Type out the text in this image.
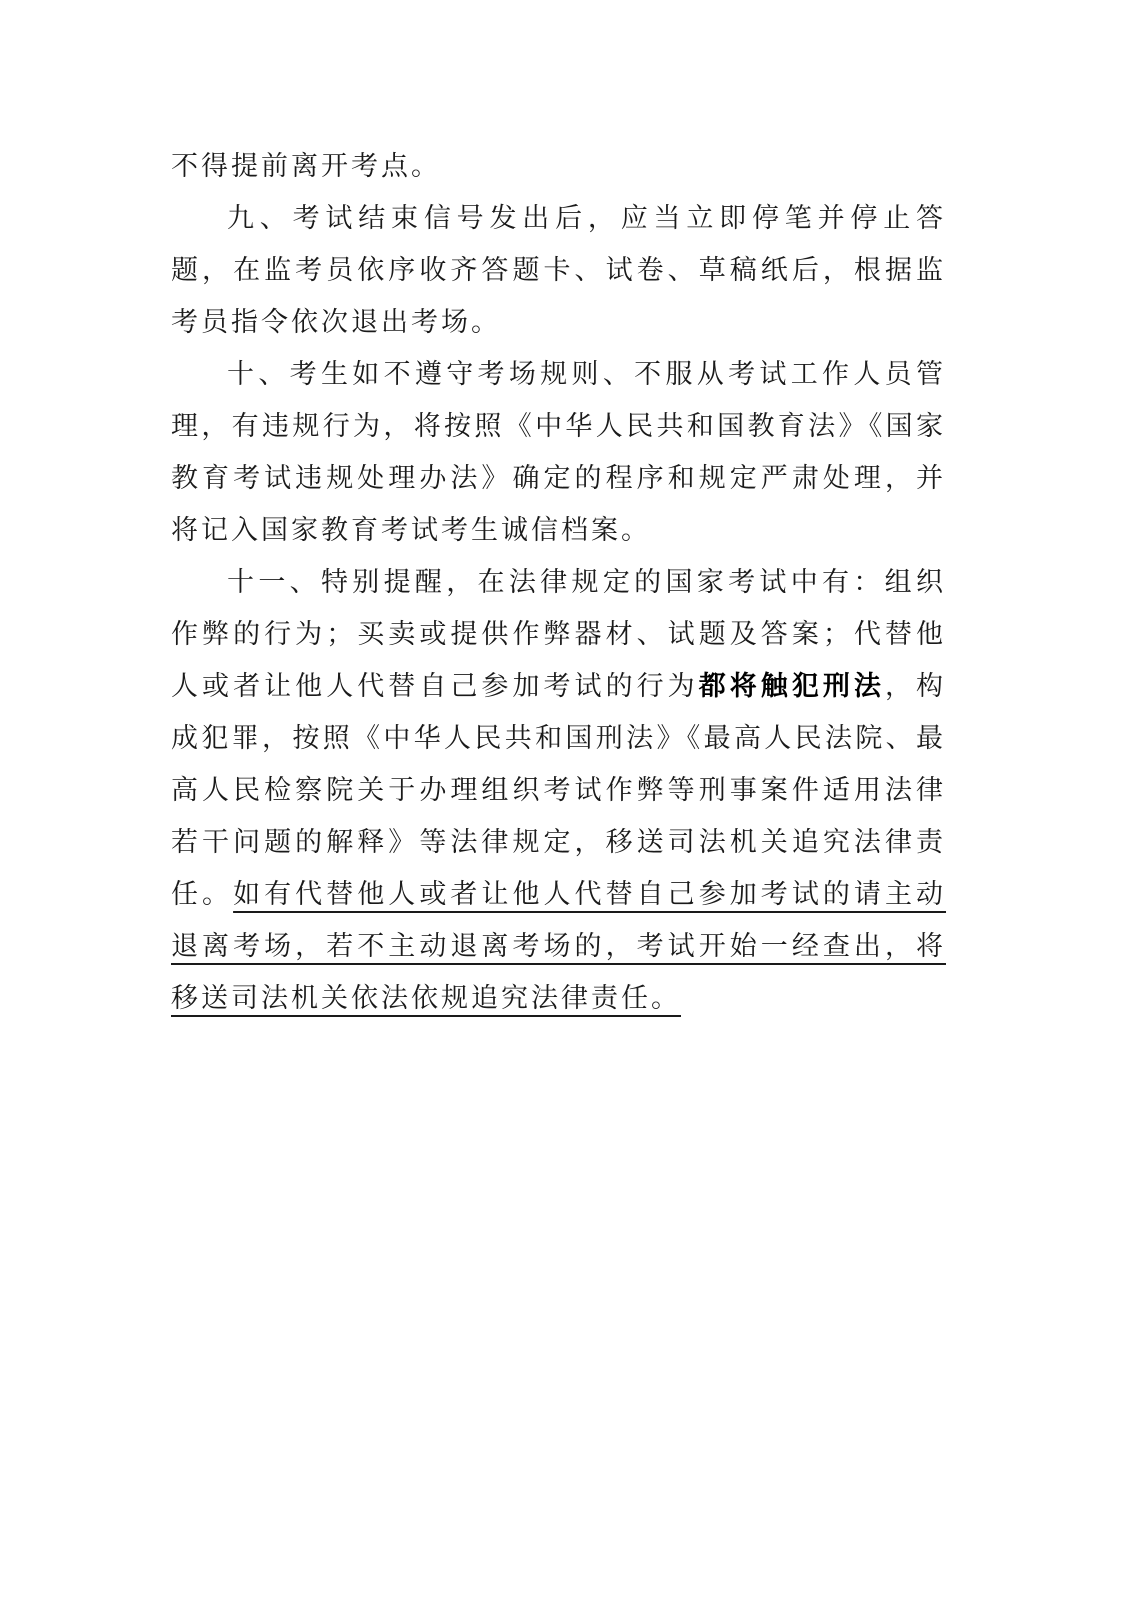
不得提前离开考点。

九、考试结束信号发出后，应当立即停笔并停止答题，在监考员依序收齐答题卡、试卷、草稿纸后，根据监考员指令依次退出考场。

十、考生如不遵守考场规则、不服从考试工作人员管理，有违规行为，将按照《中华人民共和国教育法》《国家教育考试违规处理办法》确定的程序和规定严肃处理，并将记入国家教育考试考生诚信档案。

十一、特别提醒，在法律规定的国家考试中有：组织作弊的行为；买卖或提供作弊器材、试题及答案；代替他人或者让他人代替自己参加考试的行为都将触犯刑法，构成犯罪，按照《中华人民共和国刑法》《最高人民法院、最高人民检察院关于办理组织考试作弊等刑事案件适用法律若干问题的解释》等法律规定，移送司法机关追究法律责任。如有代替他人或者让他人代替自己参加考试的请主动退离考场，若不主动退离考场的，考试开始一经查出，将移送司法机关依法依规追究法律责任。
